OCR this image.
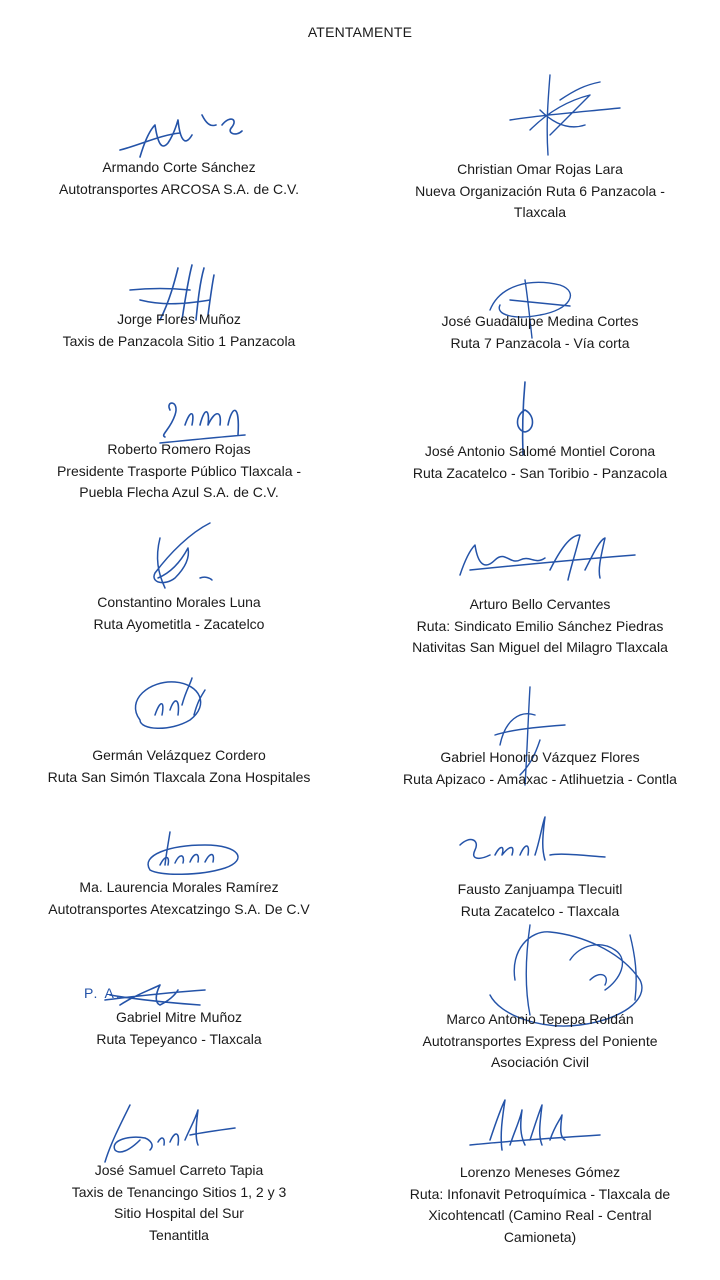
ATENTAMENTE
P. A.
Armando Corte Sánchez
Autotransportes ARCOSA S.A. de C.V.
Jorge Flores Muñoz
Taxis de Panzacola Sitio 1 Panzacola
Roberto Romero Rojas
Presidente Trasporte Público Tlaxcala -
Puebla Flecha Azul S.A. de C.V.
Constantino Morales Luna
Ruta Ayometitla - Zacatelco
Germán Velázquez Cordero
Ruta San Simón Tlaxcala Zona Hospitales
Ma. Laurencia Morales Ramírez
Autotransportes Atexcatzingo S.A. De C.V
Gabriel Mitre Muñoz
Ruta Tepeyanco - Tlaxcala
José Samuel Carreto Tapia
Taxis de Tenancingo Sitios 1, 2 y 3
Sitio Hospital del Sur
Tenantitla
Christian Omar Rojas Lara
Nueva Organización Ruta 6 Panzacola -
Tlaxcala
José Guadalupe Medina Cortes
Ruta 7 Panzacola - Vía corta
José Antonio Salomé Montiel Corona
Ruta Zacatelco - San Toribio - Panzacola
Arturo Bello Cervantes
Ruta: Sindicato Emilio Sánchez Piedras
Nativitas San Miguel del Milagro Tlaxcala
Gabriel Honorio Vázquez Flores
Ruta Apizaco - Amaxac - Atlihuetzia - Contla
Fausto Zanjuampa Tlecuitl
Ruta Zacatelco - Tlaxcala
Marco Antonio Tepepa Roldán
Autotransportes Express del Poniente
Asociación Civil
Lorenzo Meneses Gómez
Ruta: Infonavit Petroquímica - Tlaxcala de
Xicohtencatl (Camino Real - Central
Camioneta)
